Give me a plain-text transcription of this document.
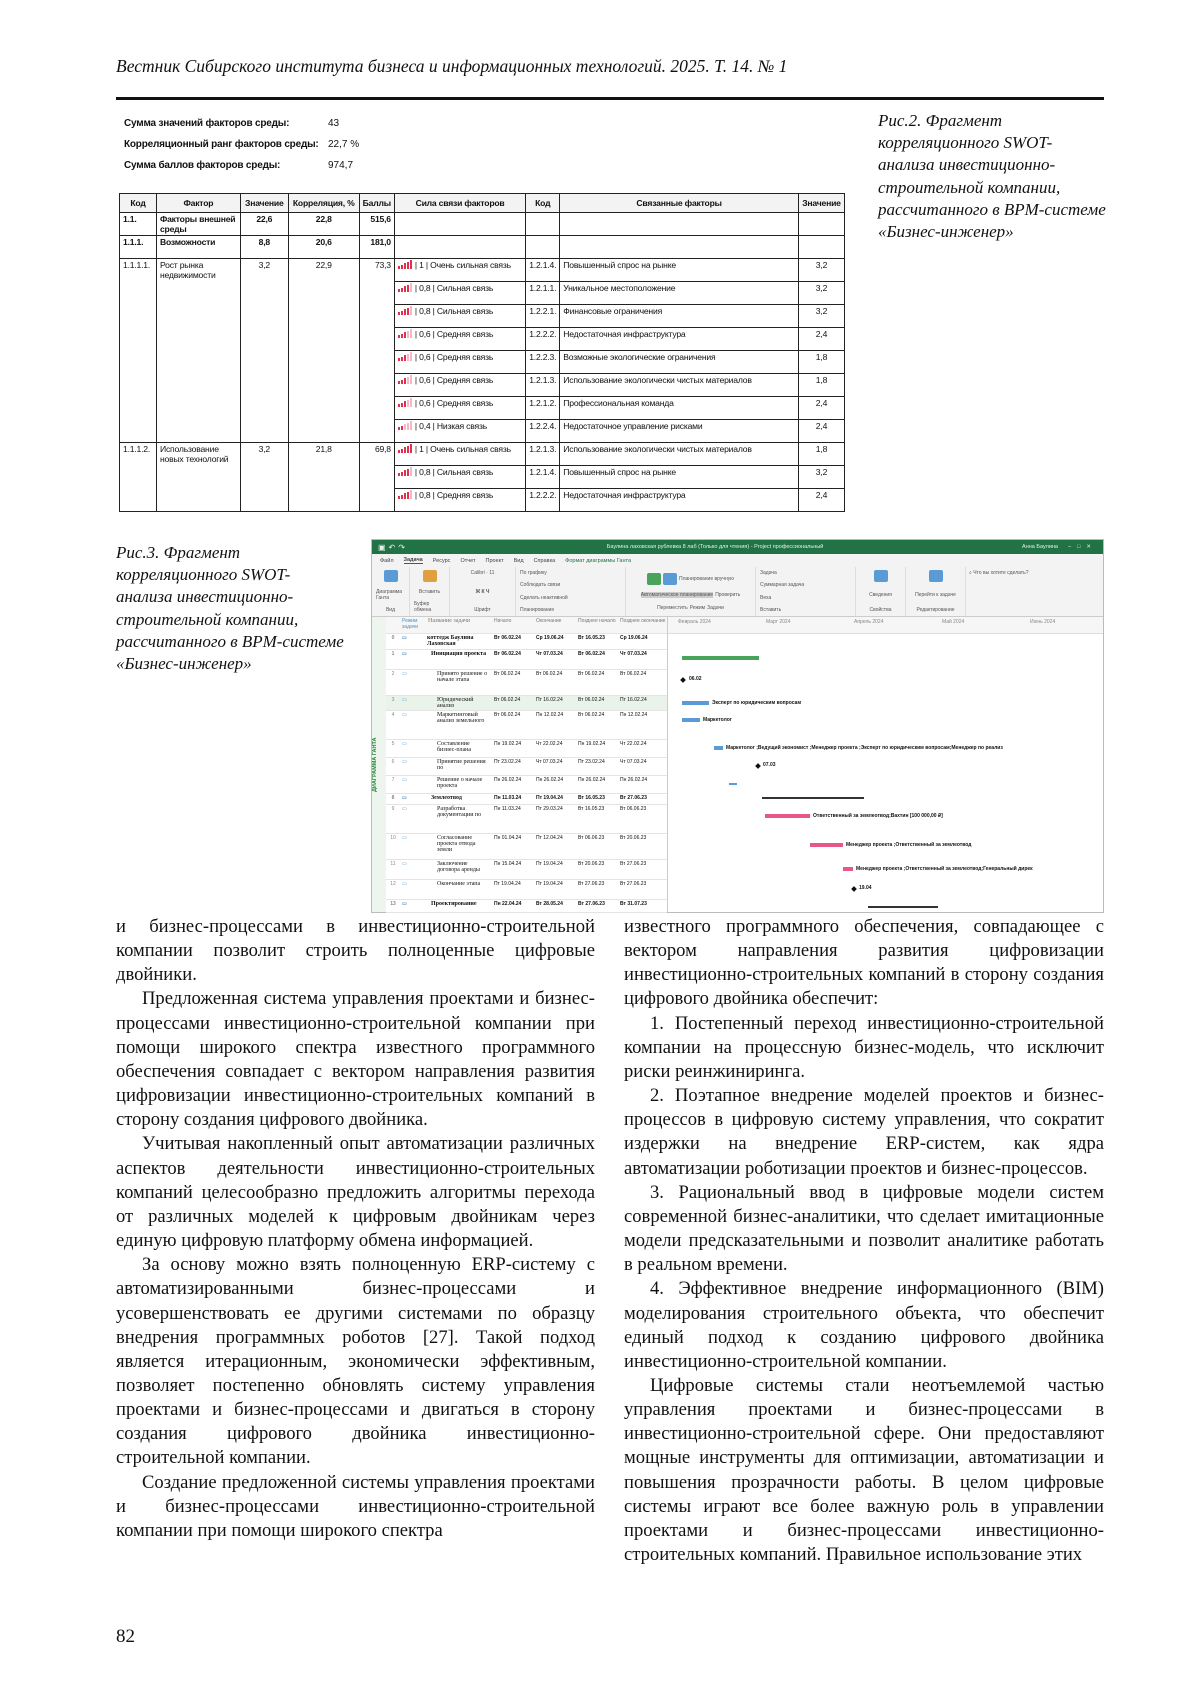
Вестник Сибирского института бизнеса и информационных технологий. 2025. Т. 14. № 1
Сумма значений факторов среды:	43
Корреляционный ранг факторов среды: 22,7 %
Сумма баллов факторов среды:	974,7
Код	Фактор	Значение	Корреляция, %	Баллы	Сила связи факторов	Код	Связанные факторы	Значение
1.1.	Факторы внешней среды	22,6	22,8	515,6				
1.1.1.	Возможности	8,8	20,6	181,0				
1.1.1.1.	Рост рынка недвижимости	3,2	22,9	73,3	| 1 | Очень сильная связь	1.2.1.4.	Повышенный спрос на рынке	3,2

| 0,8 | Сильная связь	1.2.1.1.	Уникальное местоположение	3,2

| 0,8 | Сильная связь	1.2.2.1.	Финансовые ограничения	3,2

| 0,6 | Средняя связь	1.2.2.2.	Недостаточная инфраструктура	2,4

| 0,6 | Средняя связь	1.2.2.3.	Возможные экологические ограничения	1,8

| 0,6 | Средняя связь	1.2.1.3.	Использование экологически чистых материалов	1,8

| 0,6 | Средняя связь	1.2.1.2.	Профессиональная команда	2,4

| 0,4 | Низкая связь	1.2.2.4.	Недостаточное управление рисками	2,4
1.1.1.2.	Использование новых технологий	3,2	21,8	69,8	| 1 | Очень сильная связь	1.2.1.3.	Использование экологически чистых материалов	1,8

| 0,8 | Сильная связь	1.2.1.4.	Повышенный спрос на рынке	3,2

| 0,8 | Средняя связь	1.2.2.2.	Недостаточная инфраструктура	2,4
Рис.2. Фрагмент корреляционного SWOT-анализа инвестиционно-строительной компании, рассчитанного в BPM-системе «Бизнес-инженер»
Рис.3. Фрагмент корреляционного SWOT-анализа инвестиционно-строительной компании, рассчитанного в BPM-системе «Бизнес-инженер»
▣↶↷	Баулина лаховская рублевка 8 лаб (Только для чтения) - Project профессиональный	Анна Баулина –□✕
Файл Задача Ресурс Отчет Проект Вид Справка Формат диаграммы Ганта
Диаграмма Ганта
Вид
Вставить
Буфер обмена
Calibri · 11
Ж К Ч
Шрифт
По графику
Соблюдать связи
Сделать неактивной
Планирование
Планирование вручную
Автоматическое планирование Проверить
Переместить Режим Задачи
Задача
Суммарная задача
Веха
Вставить
Сведения
Свойства
Перейти к задаче
Редактирование
⌕ Что вы хотите сделать?
ДИАГРАММА ГАНТА
Режим задачи
Название задачи	Начало	Окончание	Позднее начало Позднее окончание
0	▭	коттедж Баулина Лаховская
Вт 06.02.24	Ср 19.06.24	Вт 16.05.23	Ср 19.06.24
1	▭	Инициация проекта	Вт 06.02.24	Чт 07.03.24	Вт 06.02.24	Чт 07.03.24
2	▭	Принято решение о начале этапа
Вт 06.02.24	Вт 06.02.24	Вт 06.02.24	Вт 06.02.24
3	▭	Юридический анализ
Вт 06.02.24	Пт 16.02.24	Вт 06.02.24	Пт 16.02.24
4	▭	Маркетинговый анализ земельного
Вт 06.02.24	Пн 12.02.24	Вт 06.02.24	Пн 12.02.24
5	▭	Составление бизнес-плана
Пн 19.02.24	Чт 22.02.24	Пн 19.02.24	Чт 22.02.24
6	▭	Принятие решения по
Пт 23.02.24	Чт 07.03.24	Пт 23.02.24	Чт 07.03.24
7	▭	Решение о начале проекта
Пн 26.02.24	Пн 26.02.24	Пн 26.02.24	Пн 26.02.24
8	▭	Землеотвод	Пн 11.03.24	Пт 19.04.24	Вт 16.05.23	Вт 27.06.23
9	▭	Разработка документации по
Пн 11.03.24	Пт 29.03.24	Вт 16.05.23	Вт 06.06.23
10	▭	Согласование проекта отвода земли
Пн 01.04.24	Пт 12.04.24	Вт 06.06.23	Вт 20.06.23
11	▭	Заключение договора аренды
Пн 15.04.24	Пт 19.04.24	Вт 20.06.23	Вт 27.06.23
12	▭	Окончание этапа	Пт 19.04.24	Пт 19.04.24	Вт 27.06.23	Вт 27.06.23
13	▭	Проектирование	Пн 22.04.24	Вт 28.05.24	Вт 27.06.23	Вт 31.07.23
Февраль 2024	Март 2024	Апрель 2024	Май 2024	Июнь 2024
06.02
Эксперт по юридическим вопросам
Маркетолог
Маркетолог ;Ведущий экономист ;Менеджер проекта ;Эксперт по юридическим вопросам;Менеджер по реализ
07.03
Ответственный за землеотвод;Вахтин [100 000,00 ₽]
Менеджер проекта ;Ответственный за землеотвод
Менеджер проекта ;Ответственный за землеотвод;Генеральный дирек
19.04

и бизнес-процессами в инвестиционно-строительной компании позволит строить полноценные цифровые двойники.

Предложенная система управления проектами и бизнес-процессами инвестиционно-строительной компании при помощи широкого спектра известного программного обеспечения совпадает с вектором направления развития цифровизации инвестиционно-строительных компаний в сторону создания цифрового двойника.

Учитывая накопленный опыт автоматизации различных аспектов деятельности инвестиционно-строительных компаний целесообразно предложить алгоритмы перехода от различных моделей к цифровым двойникам через единую цифровую платформу обмена информацией.

За основу можно взять полноценную ERP-систему с автоматизированными бизнес-процессами и усовершенствовать ее другими системами по образцу внедрения программных роботов [27]. Такой подход является итерационным, экономически эффективным, позволяет постепенно обновлять систему управления проектами и бизнес-процессами и двигаться в сторону создания цифрового двойника инвестиционно-строительной компании.

Создание предложенной системы управления проектами и бизнес-процессами инвестиционно-строительной компании при помощи широкого спектра

известного программного обеспечения, совпадающее с вектором направления развития цифровизации инвестиционно-строительных компаний в сторону создания цифрового двойника обеспечит:

1. Постепенный переход инвестиционно-строительной компании на процессную бизнес-модель, что исключит риски реинжиниринга.

2. Поэтапное внедрение моделей проектов и бизнес-процессов в цифровую систему управления, что сократит издержки на внедрение ERP-систем, как ядра автоматизации роботизации проектов и бизнес-процессов.

3. Рациональный ввод в цифровые модели систем современной бизнес-аналитики, что сделает имитационные модели предсказательными и позволит аналитике работать в реальном времени.

4. Эффективное внедрение информационного (BIM) моделирования строительного объекта, что обеспечит единый подход к созданию цифрового двойника инвестиционно-строительной компании.

Цифровые системы стали неотъемлемой частью управления проектами и бизнес-процессами в инвестиционно-строительной сфере. Они предоставляют мощные инструменты для оптимизации, автоматизации и повышения прозрачности работы. В целом цифровые системы играют все более важную роль в управлении проектами и бизнес-процессами инвестиционно-строительных компаний. Правильное использование этих

82
